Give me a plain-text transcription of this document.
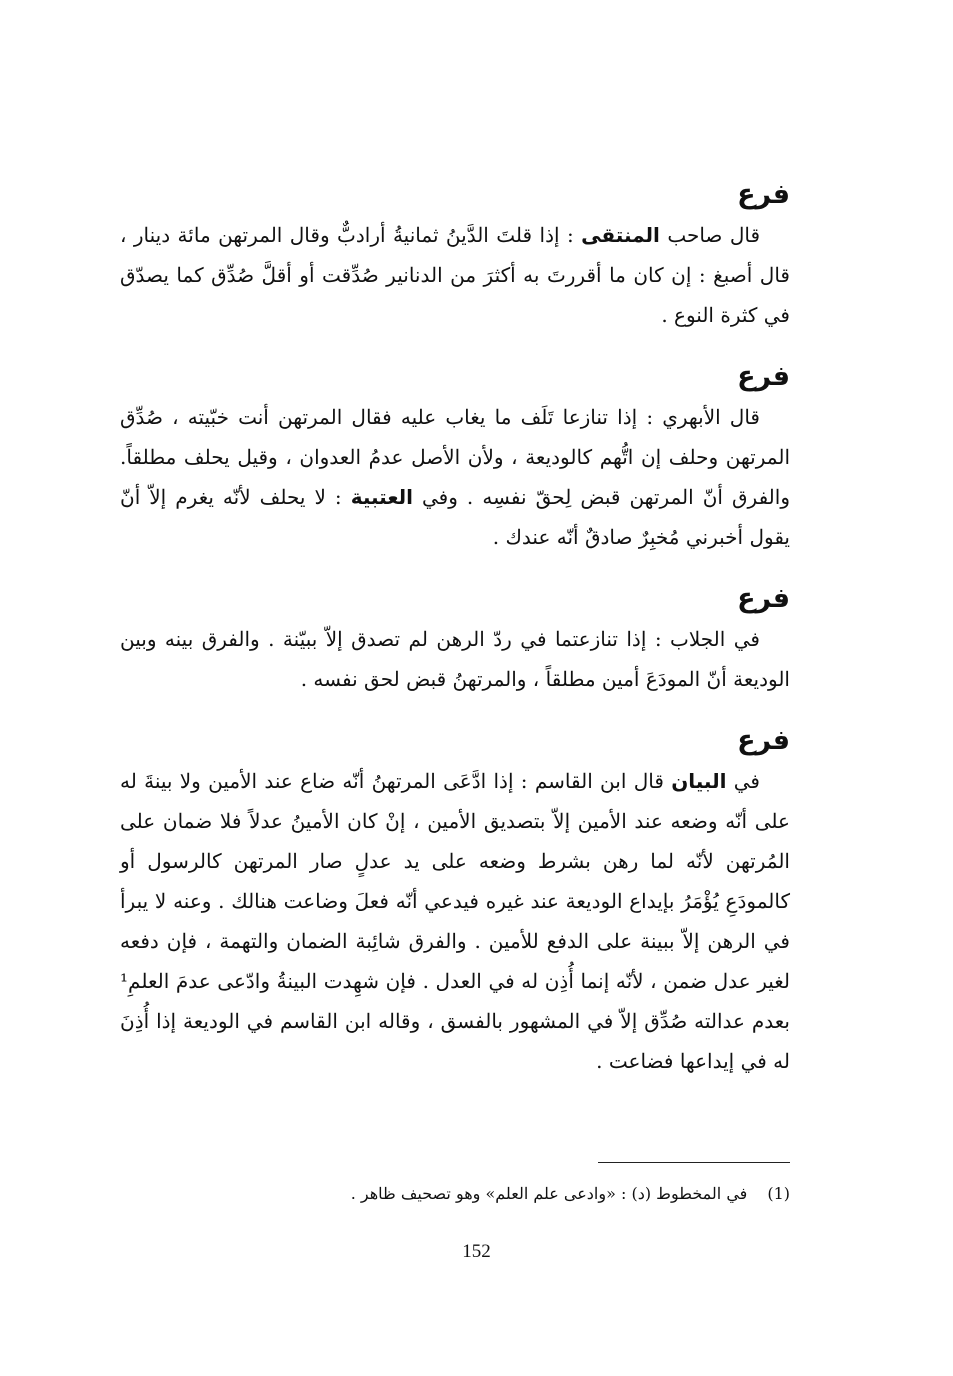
فرع

قال صاحب المنتقى : إذا قلتَ الدَّينُ ثمانيةُ أرادبٌّ وقال المرتهن مائة دينار ، قال أصبغ : إن كان ما أقررتَ به أكثرَ من الدنانير صُدِّقت أو أقلَّ صُدِّق كما يصدّق في كثرة النوع .

فرع

قال الأبهري : إذا تنازعا تَلَف ما يغاب عليه فقال المرتهن أنت خبّيته ، صُدِّق المرتهن وحلف إن اتُّهم كالوديعة ، ولأن الأصل عدمُ العدوان ، وقيل يحلف مطلقاً. والفرق أنّ المرتهن قبض لِحقّ نفسِه . وفي العتبية : لا يحلف لأنّه يغرم إلاّ أنّ يقول أخبرني مُخبِرٌ صادقٌ أنّه عندك .

فرع

في الجلاب : إذا تنازعتما في ردّ الرهن لم تصدق إلاّ ببيّنة . والفرق بينه وبين الوديعة أنّ المودَعَ أمين مطلقاً ، والمرتهنُ قبض لحق نفسه .

فرع

في البيان قال ابن القاسم : إذا ادَّعَى المرتهنُ أنّه ضاع عند الأمين ولا بينةَ له على أنّه وضعه عند الأمين إلاّ بتصديق الأمين ، إنْ كان الأمينُ عدلاً فلا ضمان على المُرتهن لأنّه لما رهن بشرط وضعه على يد عدلٍ صار المرتهن كالرسول أو كالمودَعِ يُؤْمَرُ بإيداع الوديعة عند غيره فيدعي أنّه فعلَ وضاعت هنالك . وعنه لا يبرأ في الرهن إلاّ ببينة على الدفع للأمين . والفرق شائِبة الضمان والتهمة ، فإن دفعه لغير عدل ضمن ، لأنّه إنما أُذِن له في العدل . فإن شهِدت البينةُ وادّعى عدمَ العلمِ¹ بعدم عدالته صُدِّق إلاّ في المشهور بالفسق ، وقاله ابن القاسم في الوديعة إذا أُذِنَ له في إيداعها فضاعت .

(1)في المخطوط (د) : «وادعى علم العلم» وهو تصحيف ظاهر .
152
